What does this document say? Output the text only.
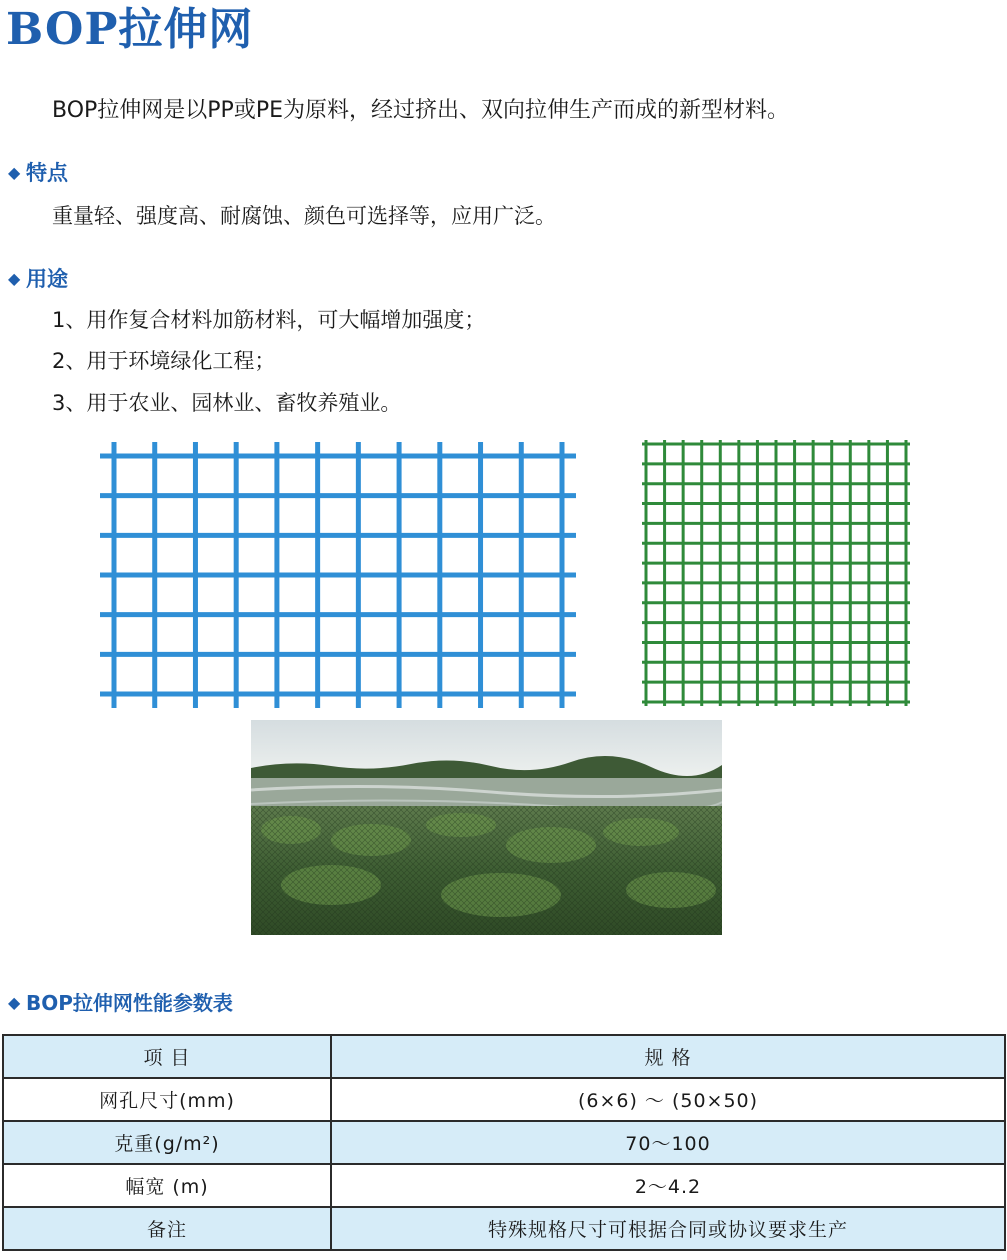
BOP拉伸网
BOP拉伸网是以PP或PE为原料，经过挤出、双向拉伸生产而成的新型材料。
◆ 特点
重量轻、强度高、耐腐蚀、颜色可选择等，应用广泛。
◆ 用途
1、用作复合材料加筋材料，可大幅增加强度；
2、用于环境绿化工程；
3、用于农业、园林业、畜牧养殖业。
◆ BOP拉伸网性能参数表
项 目	规 格
网孔尺寸(mm)	(6×6) ～ (50×50)
克重(g/m²)	70～100
幅宽 (m)	2～4.2
备注	特殊规格尺寸可根据合同或协议要求生产
